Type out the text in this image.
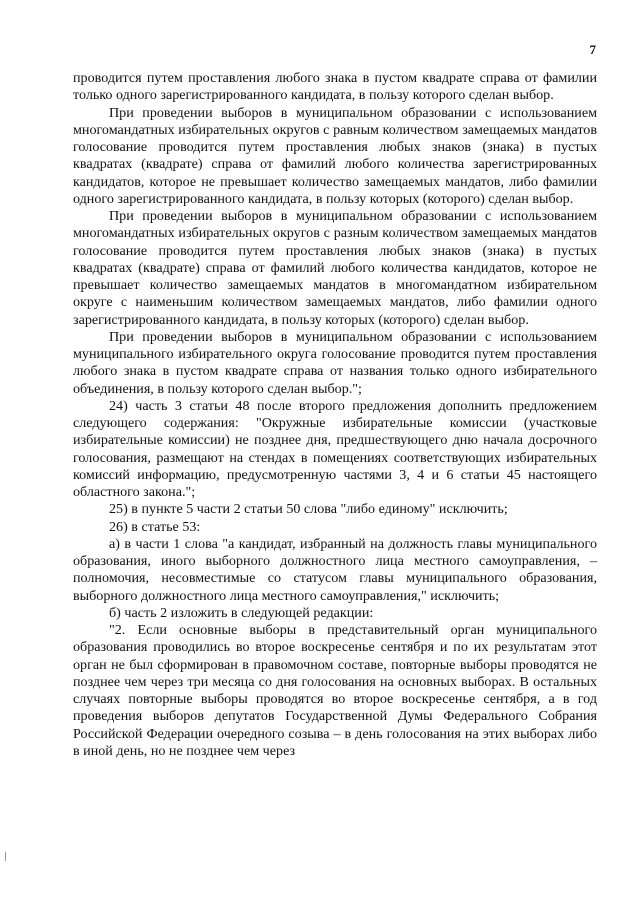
7

проводится путем проставления любого знака в пустом квадрате справа от фамилии только одного зарегистрированного кандидата, в пользу которого сделан выбор.

При проведении выборов в муниципальном образовании с использованием многомандатных избирательных округов с равным количеством замещаемых мандатов голосование проводится путем проставления любых знаков (знака) в пустых квадратах (квадрате) справа от фамилий любого количества зарегистрированных кандидатов, которое не превышает количество замещаемых мандатов, либо фамилии одного зарегистрированного кандидата, в пользу которых (которого) сделан выбор.

При проведении выборов в муниципальном образовании с использованием многомандатных избирательных округов с разным количеством замещаемых мандатов голосование проводится путем проставления любых знаков (знака) в пустых квадратах (квадрате) справа от фамилий любого количества кандидатов, которое не превышает количество замещаемых мандатов в многомандатном избирательном округе с наименьшим количеством замещаемых мандатов, либо фамилии одного зарегистрированного кандидата, в пользу которых (которого) сделан выбор.

При проведении выборов в муниципальном образовании с использованием муниципального избирательного округа голосование проводится путем проставления любого знака в пустом квадрате справа от названия только одного избирательного объединения, в пользу которого сделан выбор.";

24) часть 3 статьи 48 после второго предложения дополнить предложением следующего содержания: "Окружные избирательные комиссии (участковые избирательные комиссии) не позднее дня, предшествующего дню начала досрочного голосования, размещают на стендах в помещениях соответствующих избирательных комиссий информацию, предусмотренную частями 3, 4 и 6 статьи 45 настоящего областного закона.";

25) в пункте 5 части 2 статьи 50 слова "либо единому" исключить;

26) в статье 53:

а) в части 1 слова "а кандидат, избранный на должность главы муниципального образования, иного выборного должностного лица местного самоуправления, – полномочия, несовместимые со статусом главы муниципального образования, выборного должностного лица местного самоуправления," исключить;

б) часть 2 изложить в следующей редакции:

"2. Если основные выборы в представительный орган муниципального образования проводились во второе воскресенье сентября и по их результатам этот орган не был сформирован в правомочном составе, повторные выборы проводятся не позднее чем через три месяца со дня голосования на основных выборах. В остальных случаях повторные выборы проводятся во второе воскресенье сентября, а в год проведения выборов депутатов Государственной Думы Федерального Собрания Российской Федерации очередного созыва – в день голосования на этих выборах либо в иной день, но не позднее чем через
